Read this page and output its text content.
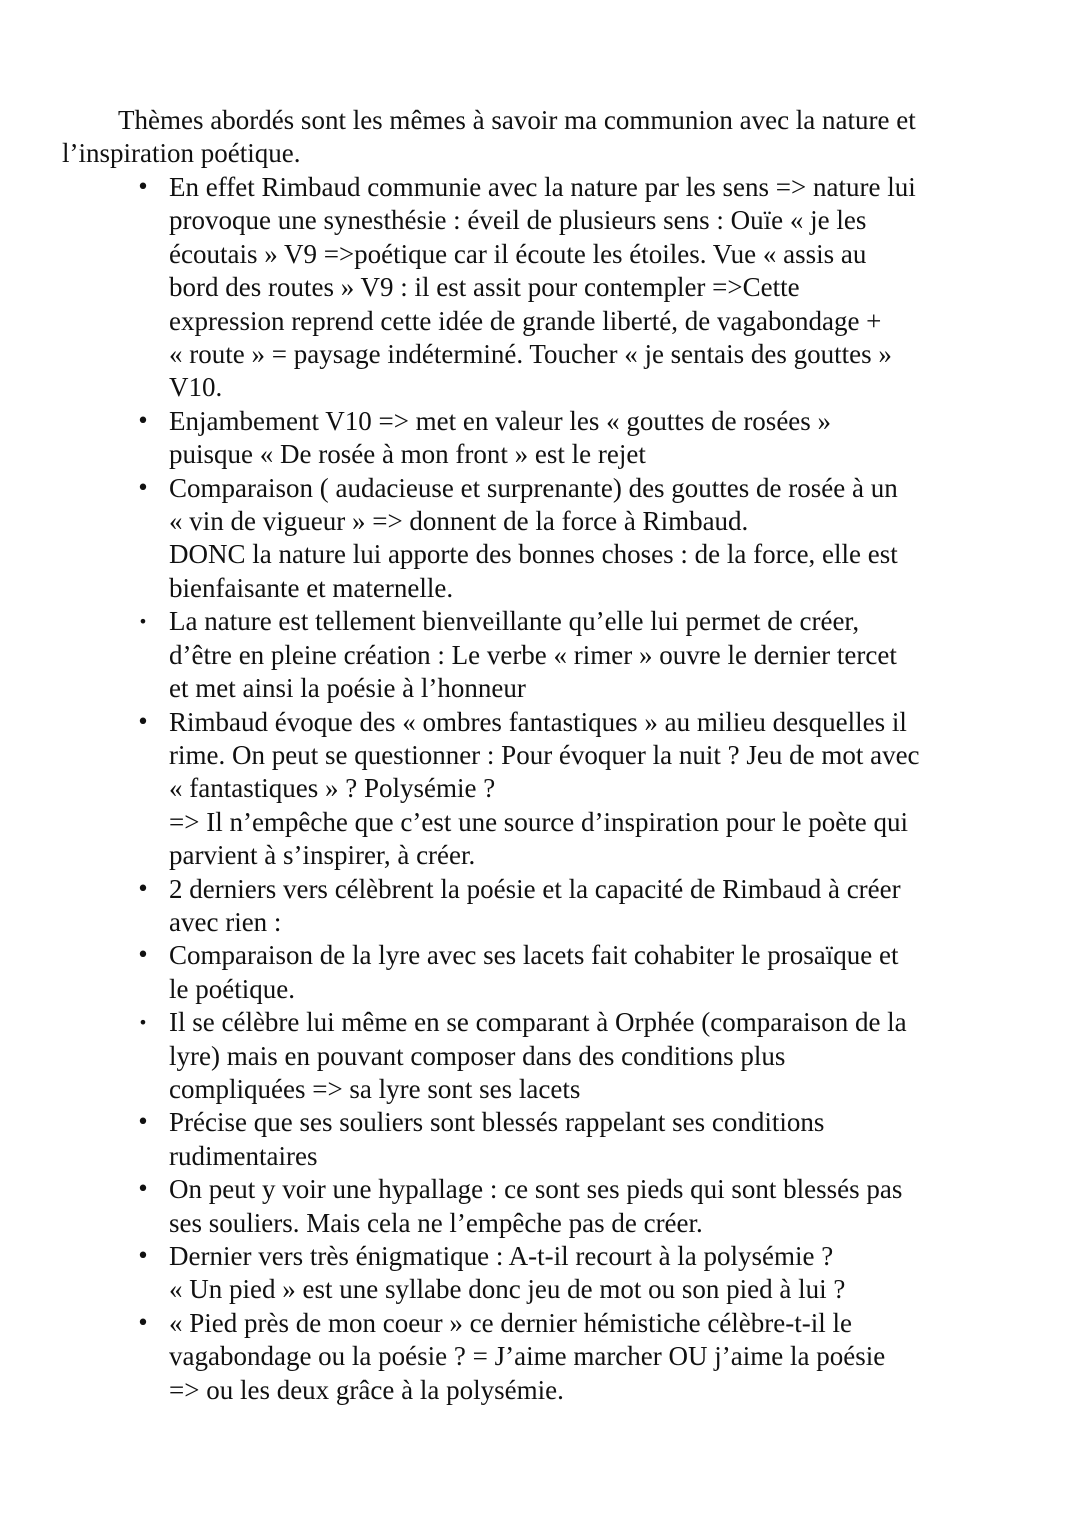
Thèmes abordés sont les mêmes à savoir ma communion avec la nature et
l’inspiration poétique.

• En effet Rimbaud communie avec la nature par les sens => nature lui
provoque une synesthésie : éveil de plusieurs sens : Ouïe « je les
écoutais » V9 =>poétique car il écoute les étoiles. Vue « assis au
bord des routes » V9 : il est assit pour contempler =>Cette
expression reprend cette idée de grande liberté, de vagabondage +
« route » = paysage indéterminé. Toucher « je sentais des gouttes »
V10.
• Enjambement V10 => met en valeur les « gouttes de rosées »
puisque « De rosée à mon front » est le rejet
• Comparaison ( audacieuse et surprenante) des gouttes de rosée à un
« vin de vigueur » => donnent de la force à Rimbaud.
DONC la nature lui apporte des bonnes choses : de la force, elle est
bienfaisante et maternelle.
• La nature est tellement bienveillante qu’elle lui permet de créer,
d’être en pleine création : Le verbe « rimer » ouvre le dernier tercet
et met ainsi la poésie à l’honneur
• Rimbaud évoque des « ombres fantastiques » au milieu desquelles il
rime. On peut se questionner : Pour évoquer la nuit ? Jeu de mot avec
« fantastiques » ? Polysémie ?
=> Il n’empêche que c’est une source d’inspiration pour le poète qui
parvient à s’inspirer, à créer.
• 2 derniers vers célèbrent la poésie et la capacité de Rimbaud à créer
avec rien :
• Comparaison de la lyre avec ses lacets fait cohabiter le prosaïque et
le poétique.
• Il se célèbre lui même en se comparant à Orphée (comparaison de la
lyre) mais en pouvant composer dans des conditions plus
compliquées => sa lyre sont ses lacets
• Précise que ses souliers sont blessés rappelant ses conditions
rudimentaires
• On peut y voir une hypallage : ce sont ses pieds qui sont blessés pas
ses souliers. Mais cela ne l’empêche pas de créer.
• Dernier vers très énigmatique : A-t-il recourt à la polysémie ?
« Un pied » est une syllabe donc jeu de mot ou son pied à lui ?
• « Pied près de mon coeur » ce dernier hémistiche célèbre-t-il le
vagabondage ou la poésie ? = J’aime marcher OU j’aime la poésie
=> ou les deux grâce à la polysémie.
